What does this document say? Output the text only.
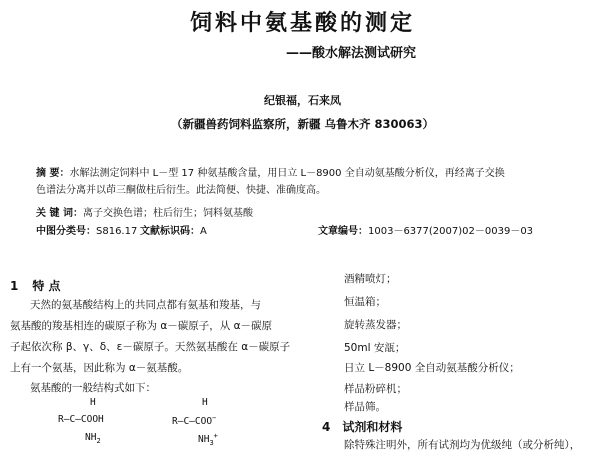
饲料中氨基酸的测定
——酸水解法测试研究
纪银福，石来凤
（新疆兽药饲料监察所，新疆 乌鲁木齐 830063）
摘 要：水解法测定饲料中 L－型 17 种氨基酸含量，用日立 L－8900 全自动氨基酸分析仪，再经离子交换
色谱法分离并以茚三酮做柱后衍生。此法简便、快捷、准确度高。
关 键 词：离子交换色谱；柱后衍生；饲料氨基酸
中图分类号：S816.17 文献标识码：A	文章编号：1003－6377(2007)02－0039－03
1 特 点
天然的氨基酸结构上的共同点都有氨基和羧基，与
氨基酸的羧基相连的碳原子称为 α－碳原子，从 α－碳原
子起依次称 β、γ、δ、ε－碳原子。天然氨基酸在 α－碳原子
上有一个氨基，因此称为 α－氨基酸。
氨基酸的一般结构式如下：
H
R—C—COOH
$NH_2$
H
R—C—COO−
$NH_3^+$
酒精喷灯；
恒温箱；
旋转蒸发器；
50ml 安瓿；
日立 L－8900 全自动氨基酸分析仪；
样品粉碎机；
样品筛。
4 试剂和材料
除特殊注明外，所有试剂均为优级纯（或分析纯），
